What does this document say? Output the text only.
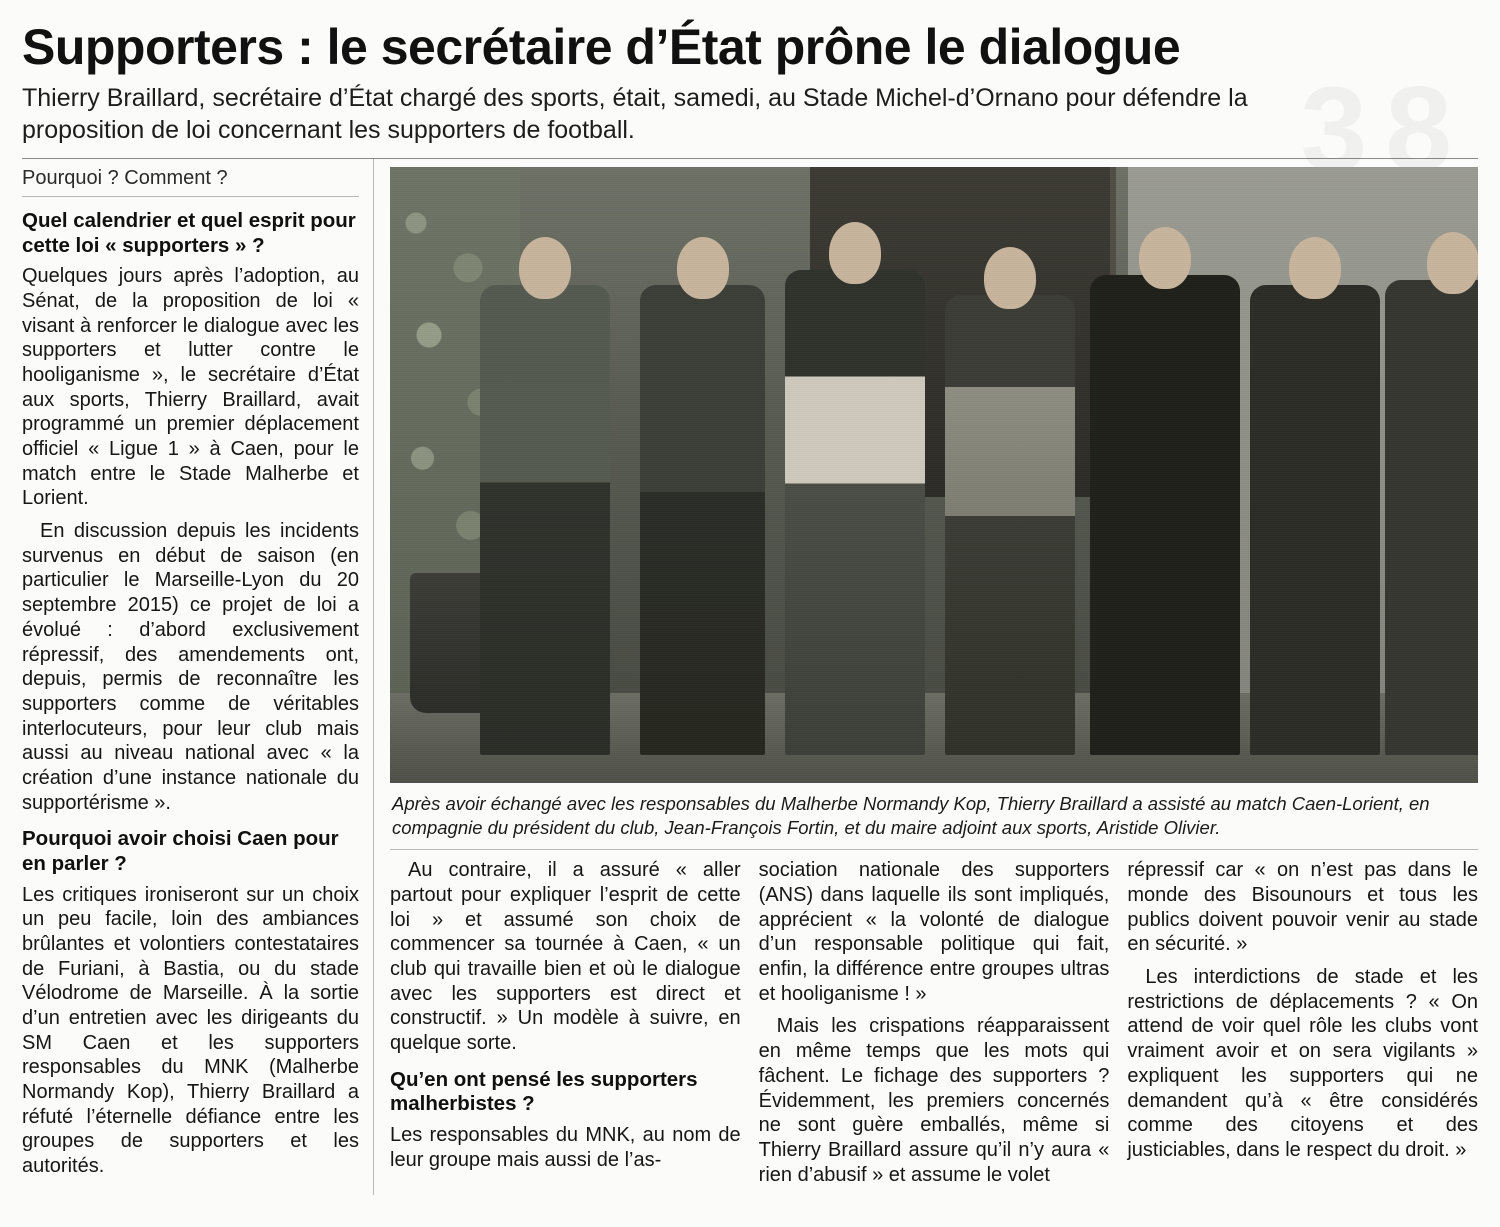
Supporters : le secrétaire d’État prône le dialogue

Thierry Braillard, secrétaire d’État chargé des sports, était, samedi, au Stade Michel-d’Ornano pour défendre la proposition de loi concernant les supporters de football.

Pourquoi ? Comment ?
Quel calendrier et quel esprit pour cette loi « supporters » ?

Quelques jours après l’adoption, au Sénat, de la proposition de loi « visant à renforcer le dialogue avec les supporters et lutter contre le hooliganisme », le secrétaire d’État aux sports, Thierry Braillard, avait programmé un premier déplacement officiel « Ligue 1 » à Caen, pour le match entre le Stade Malherbe et Lorient.

En discussion depuis les incidents survenus en début de saison (en particulier le Marseille-Lyon du 20 septembre 2015) ce projet de loi a évolué : d’abord exclusivement répressif, des amendements ont, depuis, permis de reconnaître les supporters comme de véritables interlocuteurs, pour leur club mais aussi au niveau national avec « la création d’une instance nationale du supportérisme ».

Pourquoi avoir choisi Caen pour en parler ?

Les critiques ironiseront sur un choix un peu facile, loin des ambiances brûlantes et volontiers contestataires de Furiani, à Bastia, ou du stade Vélodrome de Marseille. À la sortie d’un entretien avec les dirigeants du SM Caen et les supporters responsables du MNK (Malherbe Normandy Kop), Thierry Braillard a réfuté l’éternelle défiance entre les groupes de supporters et les autorités.

Après avoir échangé avec les responsables du Malherbe Normandy Kop, Thierry Braillard a assisté au match Caen-Lorient, en compagnie du président du club, Jean-François Fortin, et du maire adjoint aux sports, Aristide Olivier.

Au contraire, il a assuré « aller partout pour expliquer l’esprit de cette loi » et assumé son choix de commencer sa tournée à Caen, « un club qui travaille bien et où le dialogue avec les supporters est direct et constructif. » Un modèle à suivre, en quelque sorte.

Qu’en ont pensé les supporters malherbistes ?

Les responsables du MNK, au nom de leur groupe mais aussi de l’as-

sociation nationale des supporters (ANS) dans laquelle ils sont impliqués, apprécient « la volonté de dialogue d’un responsable politique qui fait, enfin, la différence entre groupes ultras et hooliganisme ! »

Mais les crispations réapparaissent en même temps que les mots qui fâchent. Le fichage des supporters ? Évidemment, les premiers concernés ne sont guère emballés, même si Thierry Braillard assure qu’il n’y aura « rien d’abusif » et assume le volet

répressif car « on n’est pas dans le monde des Bisounours et tous les publics doivent pouvoir venir au stade en sécurité. »

Les interdictions de stade et les restrictions de déplacements ? « On attend de voir quel rôle les clubs vont vraiment avoir et on sera vigilants » expliquent les supporters qui ne demandent qu’à « être considérés comme des citoyens et des justiciables, dans le respect du droit. »
